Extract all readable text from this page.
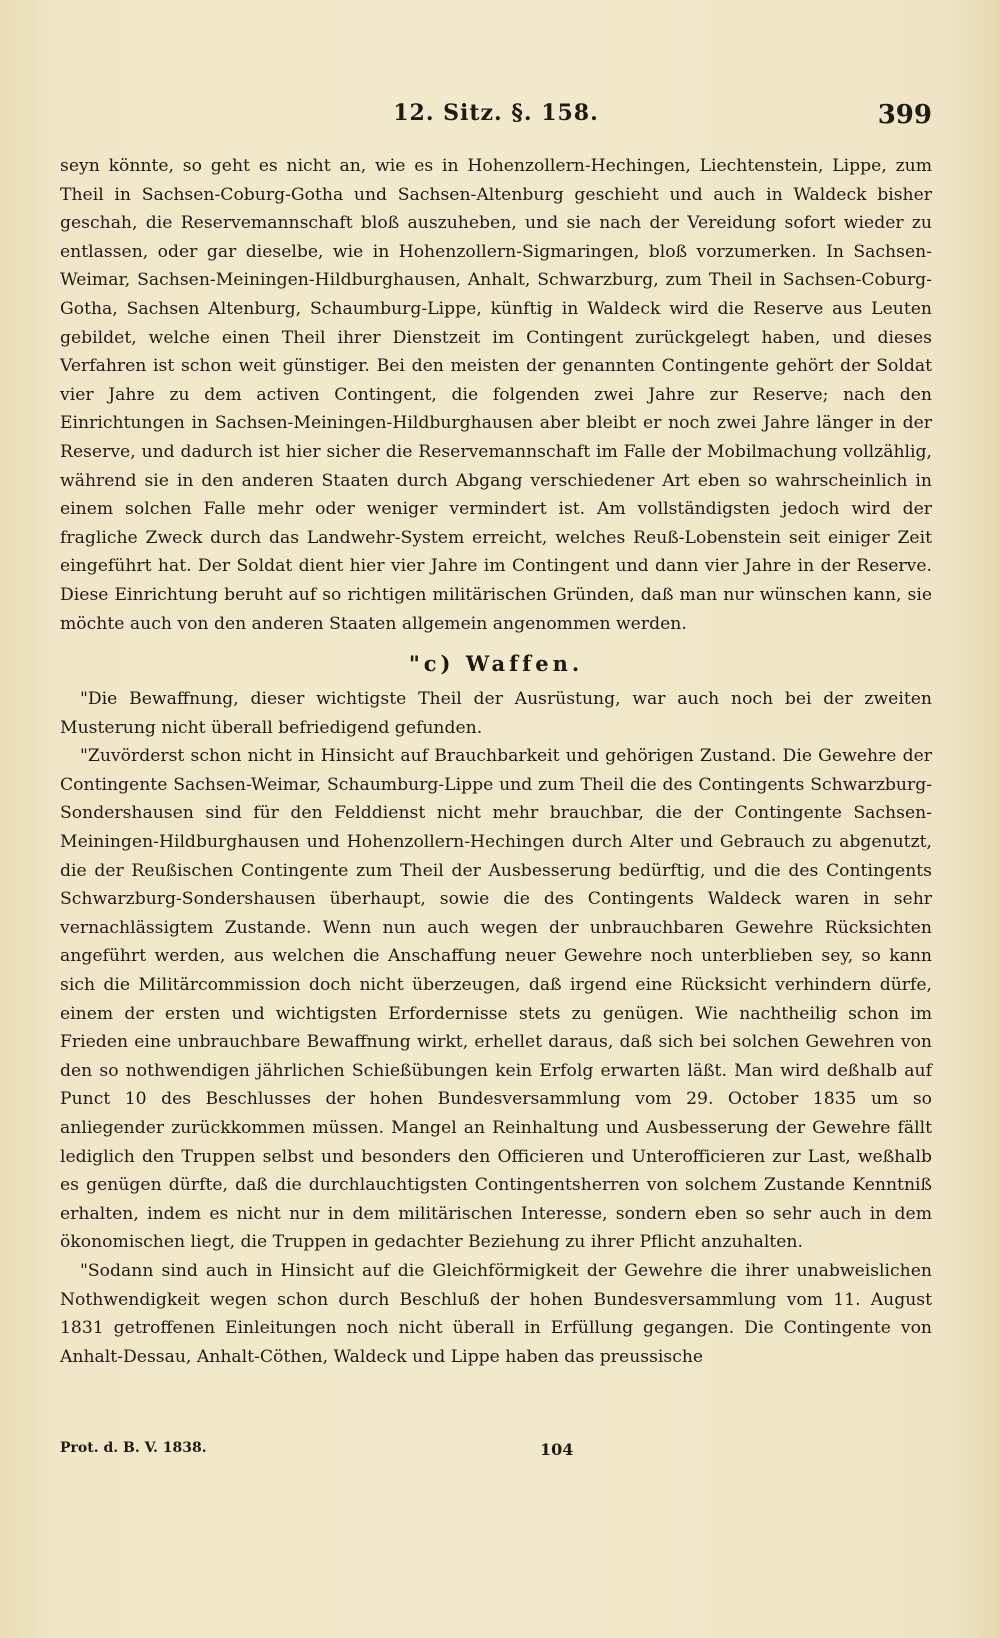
12. Sitz. §. 158.	399

seyn könnte, so geht es nicht an, wie es in Hohenzollern-Hechingen, Liechtenstein, Lippe, zum Theil in Sachsen-Coburg-Gotha und Sachsen-Altenburg geschieht und auch in Waldeck bisher geschah, die Reservemannschaft bloß auszuheben, und sie nach der Vereidung sofort wieder zu entlassen, oder gar dieselbe, wie in Hohenzollern-Sigmaringen, bloß vorzumerken. In Sachsen-Weimar, Sachsen-Meiningen-Hildburghausen, Anhalt, Schwarzburg, zum Theil in Sachsen-Coburg-Gotha, Sachsen Altenburg, Schaumburg-Lippe, künftig in Waldeck wird die Reserve aus Leuten gebildet, welche einen Theil ihrer Dienstzeit im Contingent zurückgelegt haben, und dieses Verfahren ist schon weit günstiger. Bei den meisten der genannten Contingente gehört der Soldat vier Jahre zu dem activen Contingent, die folgenden zwei Jahre zur Reserve; nach den Einrichtungen in Sachsen-Meiningen-Hildburghausen aber bleibt er noch zwei Jahre länger in der Reserve, und dadurch ist hier sicher die Reservemannschaft im Falle der Mobilmachung vollzählig, während sie in den anderen Staaten durch Abgang verschiedener Art eben so wahrscheinlich in einem solchen Falle mehr oder weniger vermindert ist. Am vollständigsten jedoch wird der fragliche Zweck durch das Landwehr-System erreicht, welches Reuß-Lobenstein seit einiger Zeit eingeführt hat. Der Soldat dient hier vier Jahre im Contingent und dann vier Jahre in der Reserve. Diese Einrichtung beruht auf so richtigen militärischen Gründen, daß man nur wünschen kann, sie möchte auch von den anderen Staaten allgemein angenommen werden.

"c) Waffen.

"Die Bewaffnung, dieser wichtigste Theil der Ausrüstung, war auch noch bei der zweiten Musterung nicht überall befriedigend gefunden.

"Zuvörderst schon nicht in Hinsicht auf Brauchbarkeit und gehörigen Zustand. Die Gewehre der Contingente Sachsen-Weimar, Schaumburg-Lippe und zum Theil die des Contingents Schwarzburg-Sondershausen sind für den Felddienst nicht mehr brauchbar, die der Contingente Sachsen-Meiningen-Hildburghausen und Hohenzollern-Hechingen durch Alter und Gebrauch zu abgenutzt, die der Reußischen Contingente zum Theil der Ausbesserung bedürftig, und die des Contingents Schwarzburg-Sondershausen überhaupt, sowie die des Contingents Waldeck waren in sehr vernachlässigtem Zustande. Wenn nun auch wegen der unbrauchbaren Gewehre Rücksichten angeführt werden, aus welchen die Anschaffung neuer Gewehre noch unterblieben sey, so kann sich die Militärcommission doch nicht überzeugen, daß irgend eine Rücksicht verhindern dürfe, einem der ersten und wichtigsten Erfordernisse stets zu genügen. Wie nachtheilig schon im Frieden eine unbrauchbare Bewaffnung wirkt, erhellet daraus, daß sich bei solchen Gewehren von den so nothwendigen jährlichen Schießübungen kein Erfolg erwarten läßt. Man wird deßhalb auf Punct 10 des Beschlusses der hohen Bundesversammlung vom 29. October 1835 um so anliegender zurückkommen müssen. Mangel an Reinhaltung und Ausbesserung der Gewehre fällt lediglich den Truppen selbst und besonders den Officieren und Unterofficieren zur Last, weßhalb es genügen dürfte, daß die durchlauchtigsten Contingentsherren von solchem Zustande Kenntniß erhalten, indem es nicht nur in dem militärischen Interesse, sondern eben so sehr auch in dem ökonomischen liegt, die Truppen in gedachter Beziehung zu ihrer Pflicht anzuhalten.

"Sodann sind auch in Hinsicht auf die Gleichförmigkeit der Gewehre die ihrer unabweislichen Nothwendigkeit wegen schon durch Beschluß der hohen Bundesversammlung vom 11. August 1831 getroffenen Einleitungen noch nicht überall in Erfüllung gegangen. Die Contingente von Anhalt-Dessau, Anhalt-Cöthen, Waldeck und Lippe haben das preussische

Prot. d. B. V. 1838.	104
